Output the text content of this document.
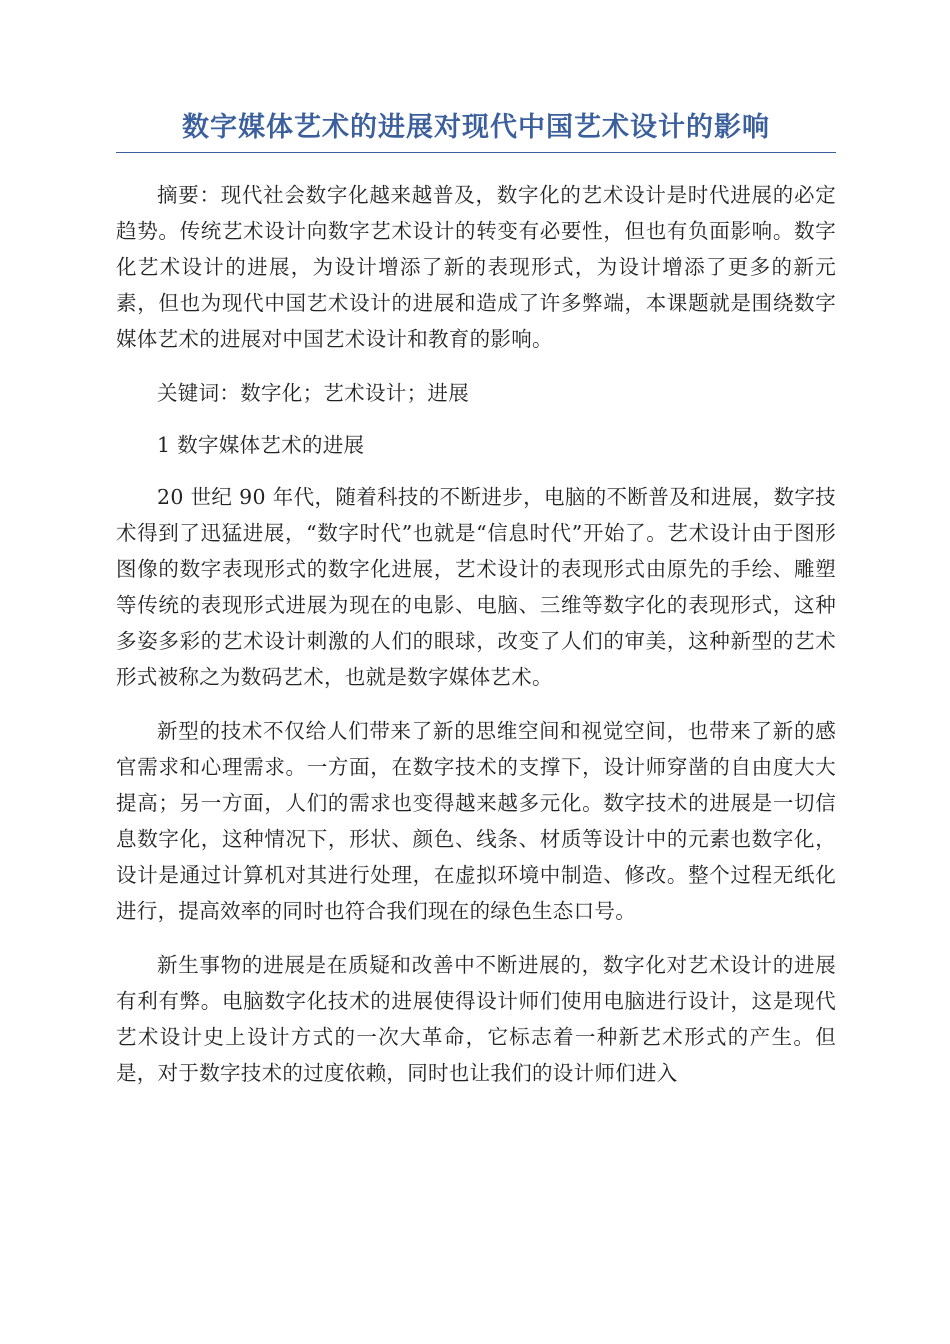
数字媒体艺术的进展对现代中国艺术设计的影响

摘要：现代社会数字化越来越普及，数字化的艺术设计是时代进展的必定趋势。传统艺术设计向数字艺术设计的转变有必要性，但也有负面影响。数字化艺术设计的进展，为设计增添了新的表现形式，为设计增添了更多的新元素，但也为现代中国艺术设计的进展和造成了许多弊端，本课题就是围绕数字媒体艺术的进展对中国艺术设计和教育的影响。

关键词：数字化；艺术设计；进展

1 数字媒体艺术的进展

20 世纪 90 年代，随着科技的不断进步，电脑的不断普及和进展，数字技术得到了迅猛进展，“数字时代”也就是“信息时代”开始了。艺术设计由于图形图像的数字表现形式的数字化进展，艺术设计的表现形式由原先的手绘、雕塑等传统的表现形式进展为现在的电影、电脑、三维等数字化的表现形式，这种多姿多彩的艺术设计刺激的人们的眼球，改变了人们的审美，这种新型的艺术形式被称之为数码艺术，也就是数字媒体艺术。

新型的技术不仅给人们带来了新的思维空间和视觉空间，也带来了新的感官需求和心理需求。一方面，在数字技术的支撑下，设计师穿凿的自由度大大提高；另一方面，人们的需求也变得越来越多元化。数字技术的进展是一切信息数字化，这种情况下，形状、颜色、线条、材质等设计中的元素也数字化，设计是通过计算机对其进行处理，在虚拟环境中制造、修改。整个过程无纸化进行，提高效率的同时也符合我们现在的绿色生态口号。

新生事物的进展是在质疑和改善中不断进展的，数字化对艺术设计的进展有利有弊。电脑数字化技术的进展使得设计师们使用电脑进行设计，这是现代艺术设计史上设计方式的一次大革命，它标志着一种新艺术形式的产生。但是，对于数字技术的过度依赖，同时也让我们的设计师们进入
